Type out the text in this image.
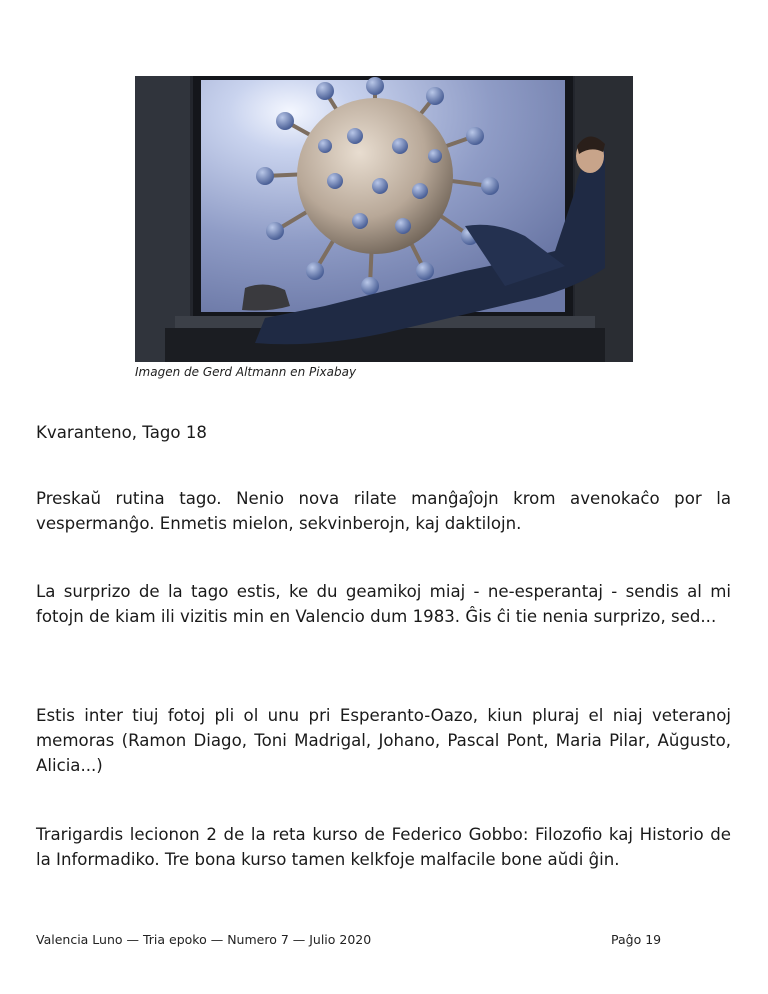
Imagen de Gerd Altmann en Pixabay

Kvaranteno, Tago 18

Preskaŭ rutina tago. Nenio nova rilate manĝaĵojn krom avenokaĉo por la vespermanĝo. Enmetis mielon, sekvinberojn, kaj daktilojn.

La surprizo de la tago estis, ke du geamikoj miaj - ne-esperantaj - sendis al mi fotojn de kiam ili vizitis min en Valencio dum 1983. Ĝis ĉi tie nenia surprizo, sed...

Estis inter tiuj fotoj pli ol unu pri Esperanto-Oazo, kiun pluraj el niaj veteranoj memoras (Ramon Diago, Toni Madrigal, Johano, Pascal Pont, Maria Pilar, Aŭgusto, Alicia...)

Trarigardis lecionon 2 de la reta kurso de Federico Gobbo: Filozofio kaj Historio de la Informadiko. Tre bona kurso tamen kelkfoje malfacile bone aŭdi ĝin.

Valencia Luno — Tria epoko — Numero 7 — Julio 2020	Paĝo 19
